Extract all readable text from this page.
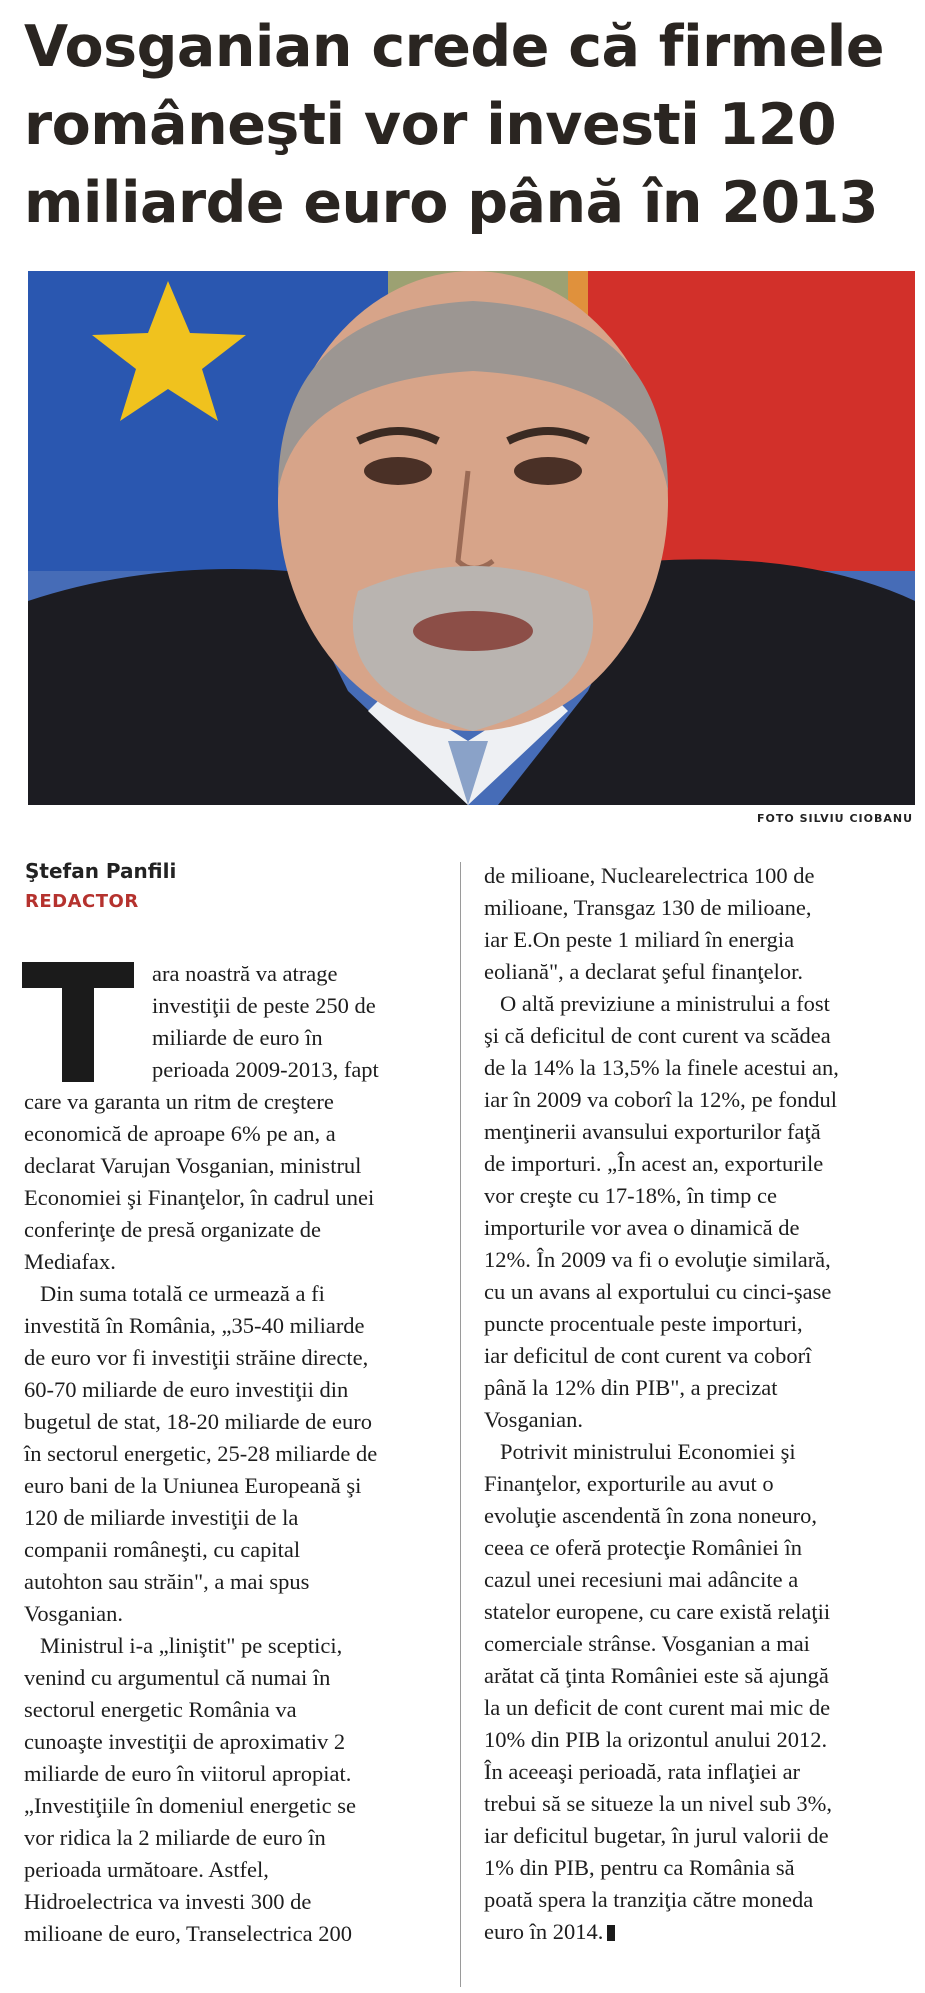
Vosganian crede că firmele
româneşti vor investi 120
miliarde euro până în 2013
FOTO SILVIU CIOBANU
Ştefan Panfili
REDACTOR

ara noastră va atrage

investiţii de peste 250 de

miliarde de euro în

perioada 2009-2013, fapt

care va garanta un ritm de creştere

economică de aproape 6% pe an, a

declarat Varujan Vosganian, ministrul

Economiei şi Finanţelor, în cadrul unei

conferinţe de presă organizate de

Mediafax.

Din suma totală ce urmează a fi

investită în România, „35-40 miliarde

de euro vor fi investiţii străine directe,

60-70 miliarde de euro investiţii din

bugetul de stat, 18-20 miliarde de euro

în sectorul energetic, 25-28 miliarde de

euro bani de la Uniunea Europeană şi

120 de miliarde investiţii de la

companii româneşti, cu capital

autohton sau străin", a mai spus

Vosganian.

Ministrul i-a „liniştit" pe sceptici,

venind cu argumentul că numai în

sectorul energetic România va

cunoaşte investiţii de aproximativ 2

miliarde de euro în viitorul apropiat.

„Investiţiile în domeniul energetic se

vor ridica la 2 miliarde de euro în

perioada următoare. Astfel,

Hidroelectrica va investi 300 de

milioane de euro, Transelectrica 200

de milioane, Nuclearelectrica 100 de

milioane, Transgaz 130 de milioane,

iar E.On peste 1 miliard în energia

eoliană", a declarat şeful finanţelor.

O altă previziune a ministrului a fost

şi că deficitul de cont curent va scădea

de la 14% la 13,5% la finele acestui an,

iar în 2009 va coborî la 12%, pe fondul

menţinerii avansului exporturilor faţă

de importuri. „În acest an, exporturile

vor creşte cu 17-18%, în timp ce

importurile vor avea o dinamică de

12%. În 2009 va fi o evoluţie similară,

cu un avans al exportului cu cinci-şase

puncte procentuale peste importuri,

iar deficitul de cont curent va coborî

până la 12% din PIB", a precizat

Vosganian.

Potrivit ministrului Economiei şi

Finanţelor, exporturile au avut o

evoluţie ascendentă în zona noneuro,

ceea ce oferă protecţie României în

cazul unei recesiuni mai adâncite a

statelor europene, cu care există relaţii

comerciale strânse. Vosganian a mai

arătat că ţinta României este să ajungă

la un deficit de cont curent mai mic de

10% din PIB la orizontul anului 2012.

În aceeaşi perioadă, rata inflaţiei ar

trebui să se situeze la un nivel sub 3%,

iar deficitul bugetar, în jurul valorii de

1% din PIB, pentru ca România să

poată spera la tranziţia către moneda

euro în 2014.
